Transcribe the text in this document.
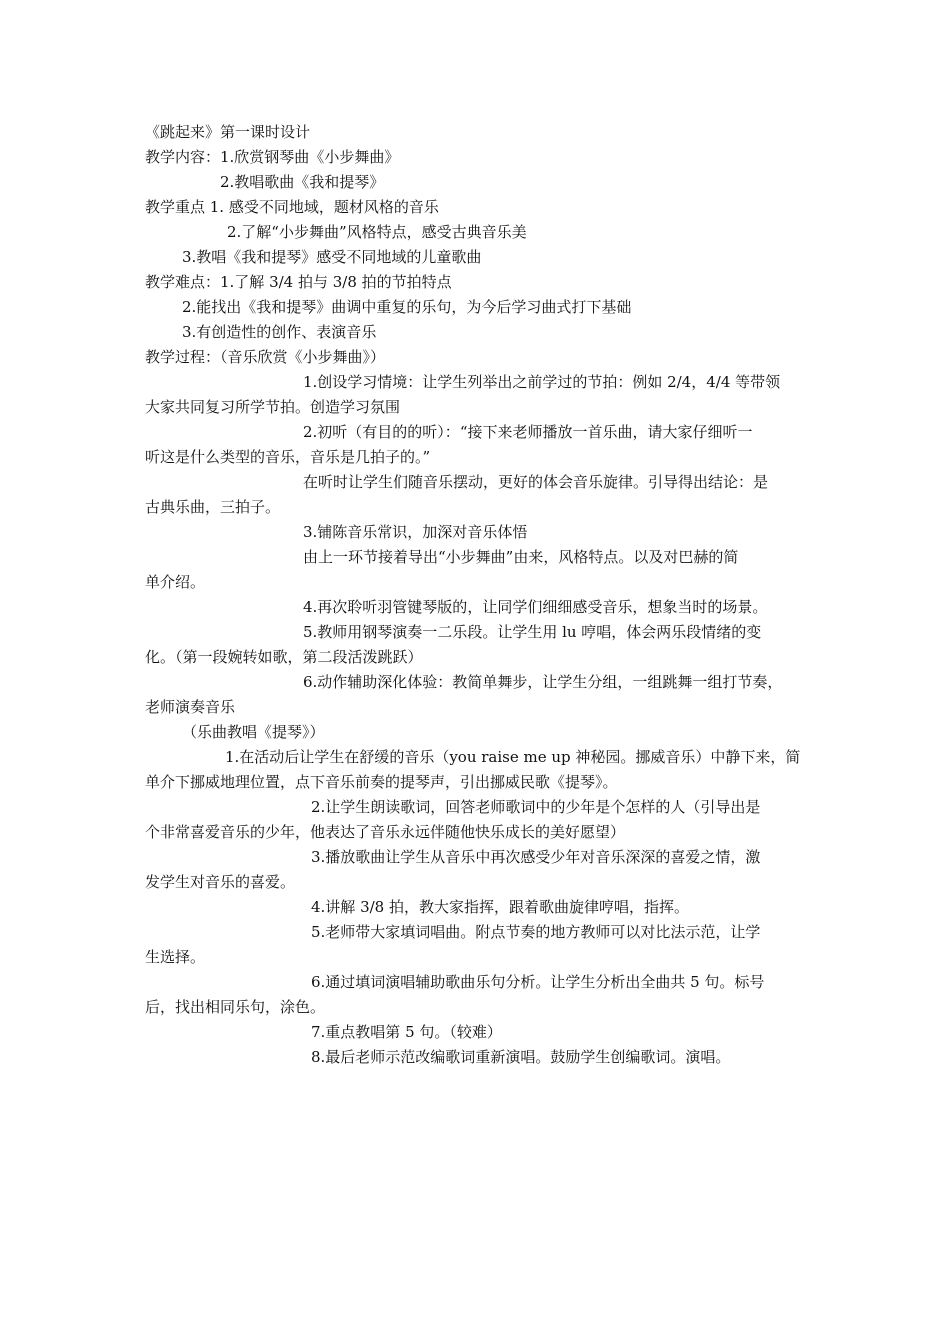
《跳起来》第一课时设计
教学内容：1.欣赏钢琴曲《小步舞曲》
2.教唱歌曲《我和提琴》
教学重点 1. 感受不同地域，题材风格的音乐
2.了解“小步舞曲”风格特点，感受古典音乐美
3.教唱《我和提琴》感受不同地域的儿童歌曲
教学难点：1.了解 3/4 拍与 3/8 拍的节拍特点
2.能找出《我和提琴》曲调中重复的乐句，为今后学习曲式打下基础
3.有创造性的创作、表演音乐
教学过程：（音乐欣赏《小步舞曲》）
1.创设学习情境：让学生列举出之前学过的节拍：例如 2/4，4/4 等带领
大家共同复习所学节拍。创造学习氛围
2.初听（有目的的听）：“接下来老师播放一首乐曲，请大家仔细听一
听这是什么类型的音乐，音乐是几拍子的。”
在听时让学生们随音乐摆动，更好的体会音乐旋律。引导得出结论：是
古典乐曲，三拍子。
3.铺陈音乐常识，加深对音乐体悟
由上一环节接着导出“小步舞曲”由来，风格特点。以及对巴赫的简
单介绍。
4.再次聆听羽管键琴版的，让同学们细细感受音乐，想象当时的场景。
5.教师用钢琴演奏一二乐段。让学生用 lu 哼唱，体会两乐段情绪的变
化。（第一段婉转如歌，第二段活泼跳跃）
6.动作辅助深化体验：教简单舞步，让学生分组，一组跳舞一组打节奏，
老师演奏音乐
（乐曲教唱《提琴》）
1.在活动后让学生在舒缓的音乐（you raise me up 神秘园。挪威音乐）中静下来，简
单介下挪威地理位置，点下音乐前奏的提琴声，引出挪威民歌《提琴》。
2.让学生朗读歌词，回答老师歌词中的少年是个怎样的人（引导出是
个非常喜爱音乐的少年，他表达了音乐永远伴随他快乐成长的美好愿望）
3.播放歌曲让学生从音乐中再次感受少年对音乐深深的喜爱之情，激
发学生对音乐的喜爱。
4.讲解 3/8 拍，教大家指挥，跟着歌曲旋律哼唱，指挥。
5.老师带大家填词唱曲。附点节奏的地方教师可以对比法示范，让学
生选择。
6.通过填词演唱辅助歌曲乐句分析。让学生分析出全曲共 5 句。标号
后，找出相同乐句，涂色。
7.重点教唱第 5 句。（较难）
8.最后老师示范改编歌词重新演唱。鼓励学生创编歌词。演唱。
